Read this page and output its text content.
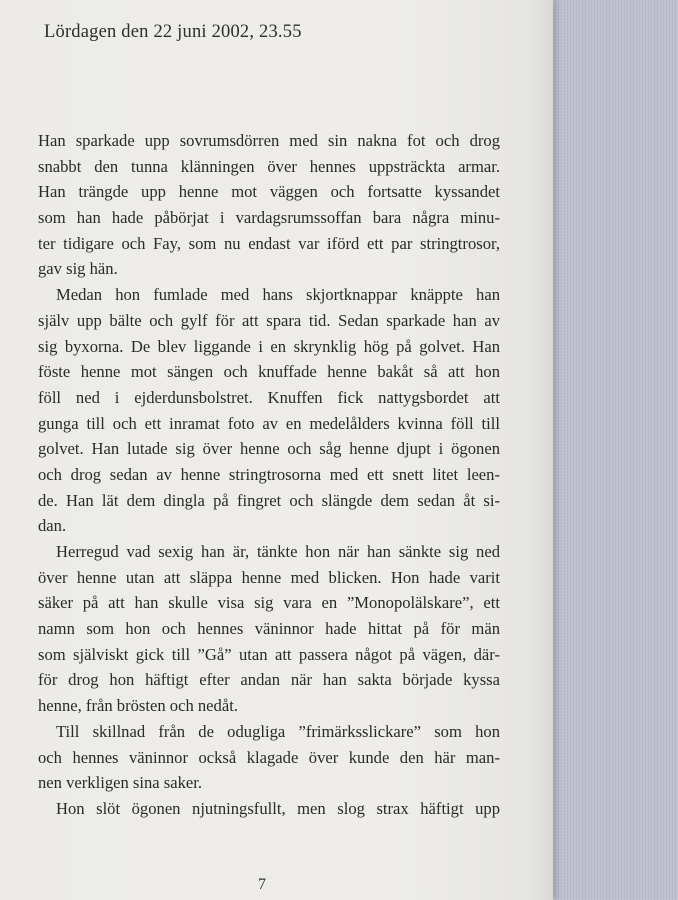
Lördagen den 22 juni 2002, 23.55
Han sparkade upp sovrumsdörren med sin nakna fot och drog
snabbt den tunna klänningen över hennes uppsträckta armar.
Han trängde upp henne mot väggen och fortsatte kyssandet
som han hade påbörjat i vardagsrumssoffan bara några minu-
ter tidigare och Fay, som nu endast var iförd ett par stringtrosor,
gav sig hän.
Medan hon fumlade med hans skjortknappar knäppte han
själv upp bälte och gylf för att spara tid. Sedan sparkade han av
sig byxorna. De blev liggande i en skrynklig hög på golvet. Han
föste henne mot sängen och knuffade henne bakåt så att hon
föll ned i ejderdunsbolstret. Knuffen fick nattygsbordet att
gunga till och ett inramat foto av en medelålders kvinna föll till
golvet. Han lutade sig över henne och såg henne djupt i ögonen
och drog sedan av henne stringtrosorna med ett snett litet leen-
de. Han lät dem dingla på fingret och slängde dem sedan åt si-
dan.
Herregud vad sexig han är, tänkte hon när han sänkte sig ned
över henne utan att släppa henne med blicken. Hon hade varit
säker på att han skulle visa sig vara en ”Monopolälskare”, ett
namn som hon och hennes väninnor hade hittat på för män
som själviskt gick till ”Gå” utan att passera något på vägen, där-
för drog hon häftigt efter andan när han sakta började kyssa
henne, från brösten och nedåt.
Till skillnad från de odugliga ”frimärksslickare” som hon
och hennes väninnor också klagade över kunde den här man-
nen verkligen sina saker.
Hon slöt ögonen njutningsfullt, men slog strax häftigt upp
7
